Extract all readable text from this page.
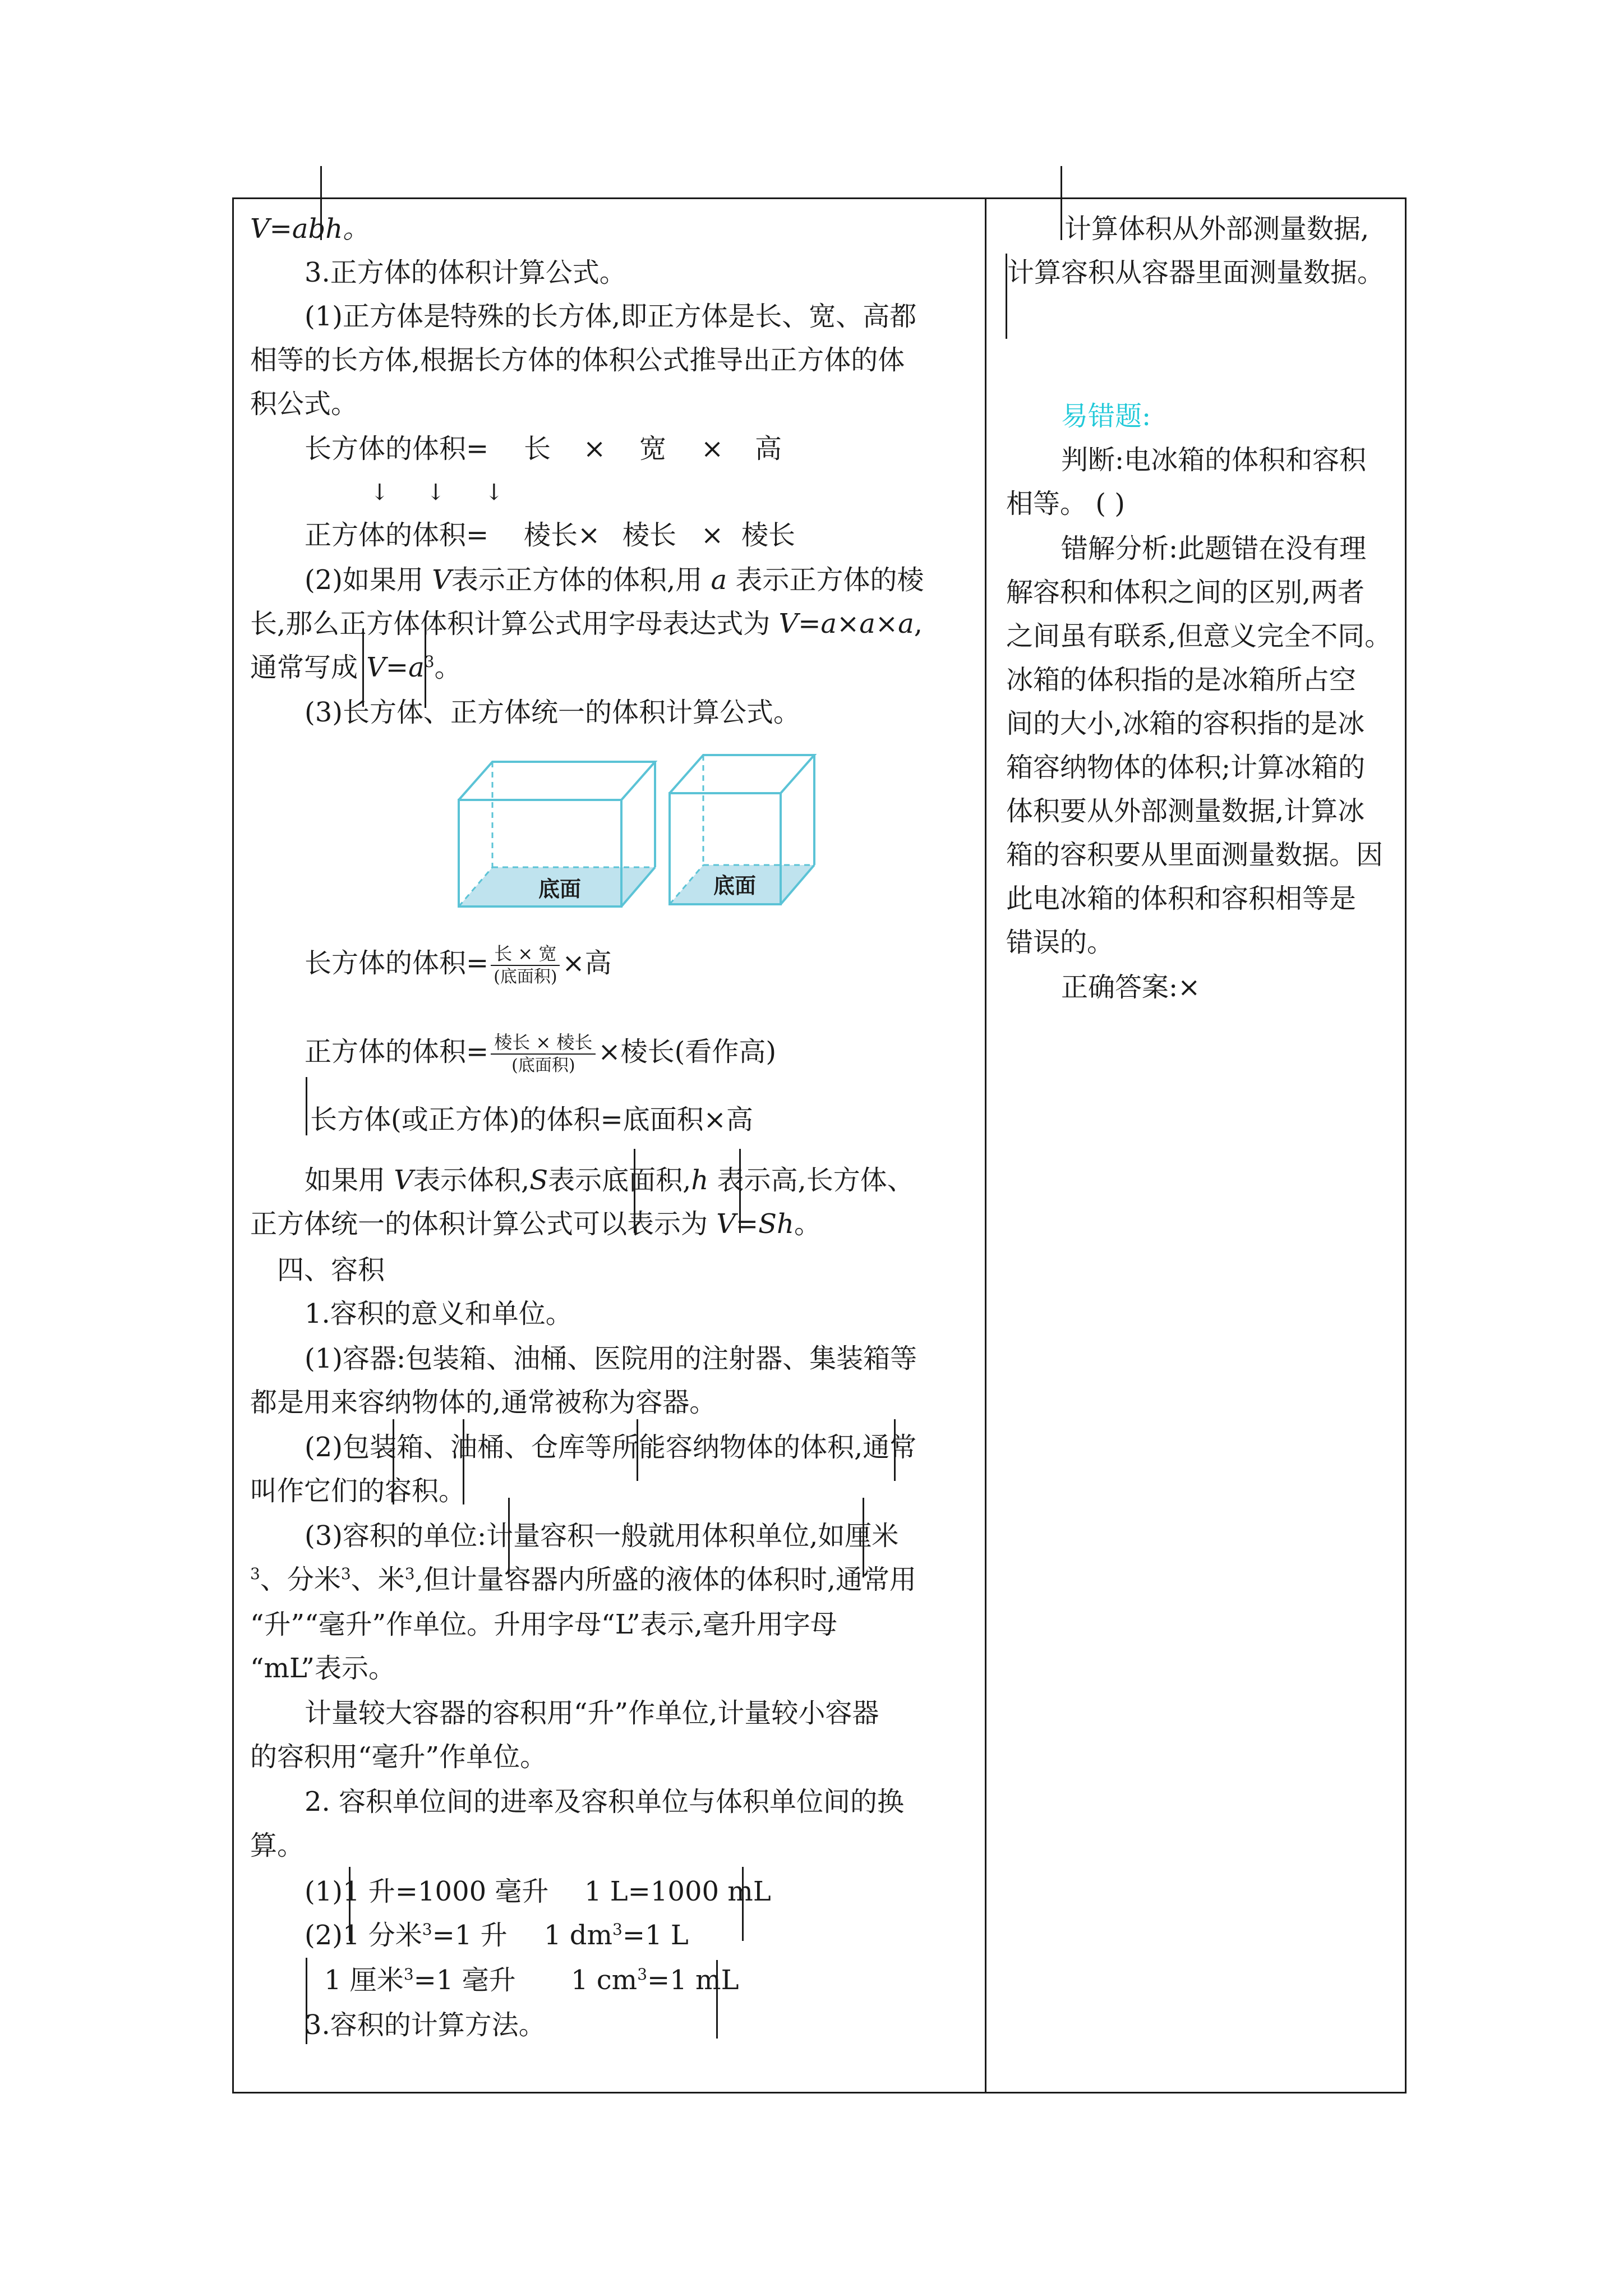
V=abh。
3.正方体的体积计算公式。
(1)正方体是特殊的长方体,即正方体是长、宽、高都
相等的长方体,根据长方体的体积公式推导出正方体的体
积公式。
长方体的体积= 长 × 宽 × 高
↓ ↓ ↓
正方体的体积= 棱长× 棱长 × 棱长
(2)如果用 V表示正方体的体积,用 a 表示正方体的棱
长,那么正方体体积计算公式用字母表达式为 V=a×a×a,
通常写成 $V=a^3$。
(3)长方体、正方体统一的体积计算公式。
底面	底面
长方体的体积= $\frac{\text{长 × 宽}}{\text{(底面积)}}$ ×高
正方体的体积= $\frac{\text{棱长 × 棱长}}{\text{(底面积)}}$ ×棱长(看作高)
长方体(或正方体)的体积=底面积×高
如果用 V表示体积,S表示底面积,h 表示高,长方体、
正方体统一的体积计算公式可以表示为 V=Sh。
四、容积
1.容积的意义和单位。
(1)容器:包装箱、油桶、医院用的注射器、集装箱等
都是用来容纳物体的,通常被称为容器。
(2)包装箱、油桶、仓库等所能容纳物体的体积,通常
叫作它们的容积。
(3)容积的单位:计量容积一般就用体积单位,如厘米
$^3$、分米$^3$、米$^3$,但计量容器内所盛的液体的体积时,通常用
“升”“毫升”作单位。升用字母“L”表示,毫升用字母
“mL”表示。
计量较大容器的容积用“升”作单位,计量较小容器
的容积用“毫升”作单位。
2. 容积单位间的进率及容积单位与体积单位间的换
算。
(1)1 升=1000 毫升 1 L=1000 mL
(2)1 分米$^3$=1 升 1 $dm^3=1$ L
1 厘米$^3$=1 毫升 1 $cm^3=1$ mL
3.容积的计算方法。
计算体积从外部测量数据,
计算容积从容器里面测量数据。
易错题:
判断:电冰箱的体积和容积
相等。 ( )
错解分析:此题错在没有理
解容积和体积之间的区别,两者
之间虽有联系,但意义完全不同。
冰箱的体积指的是冰箱所占空
间的大小,冰箱的容积指的是冰
箱容纳物体的体积;计算冰箱的
体积要从外部测量数据,计算冰
箱的容积要从里面测量数据。因
此电冰箱的体积和容积相等是
错误的。
正确答案:×
